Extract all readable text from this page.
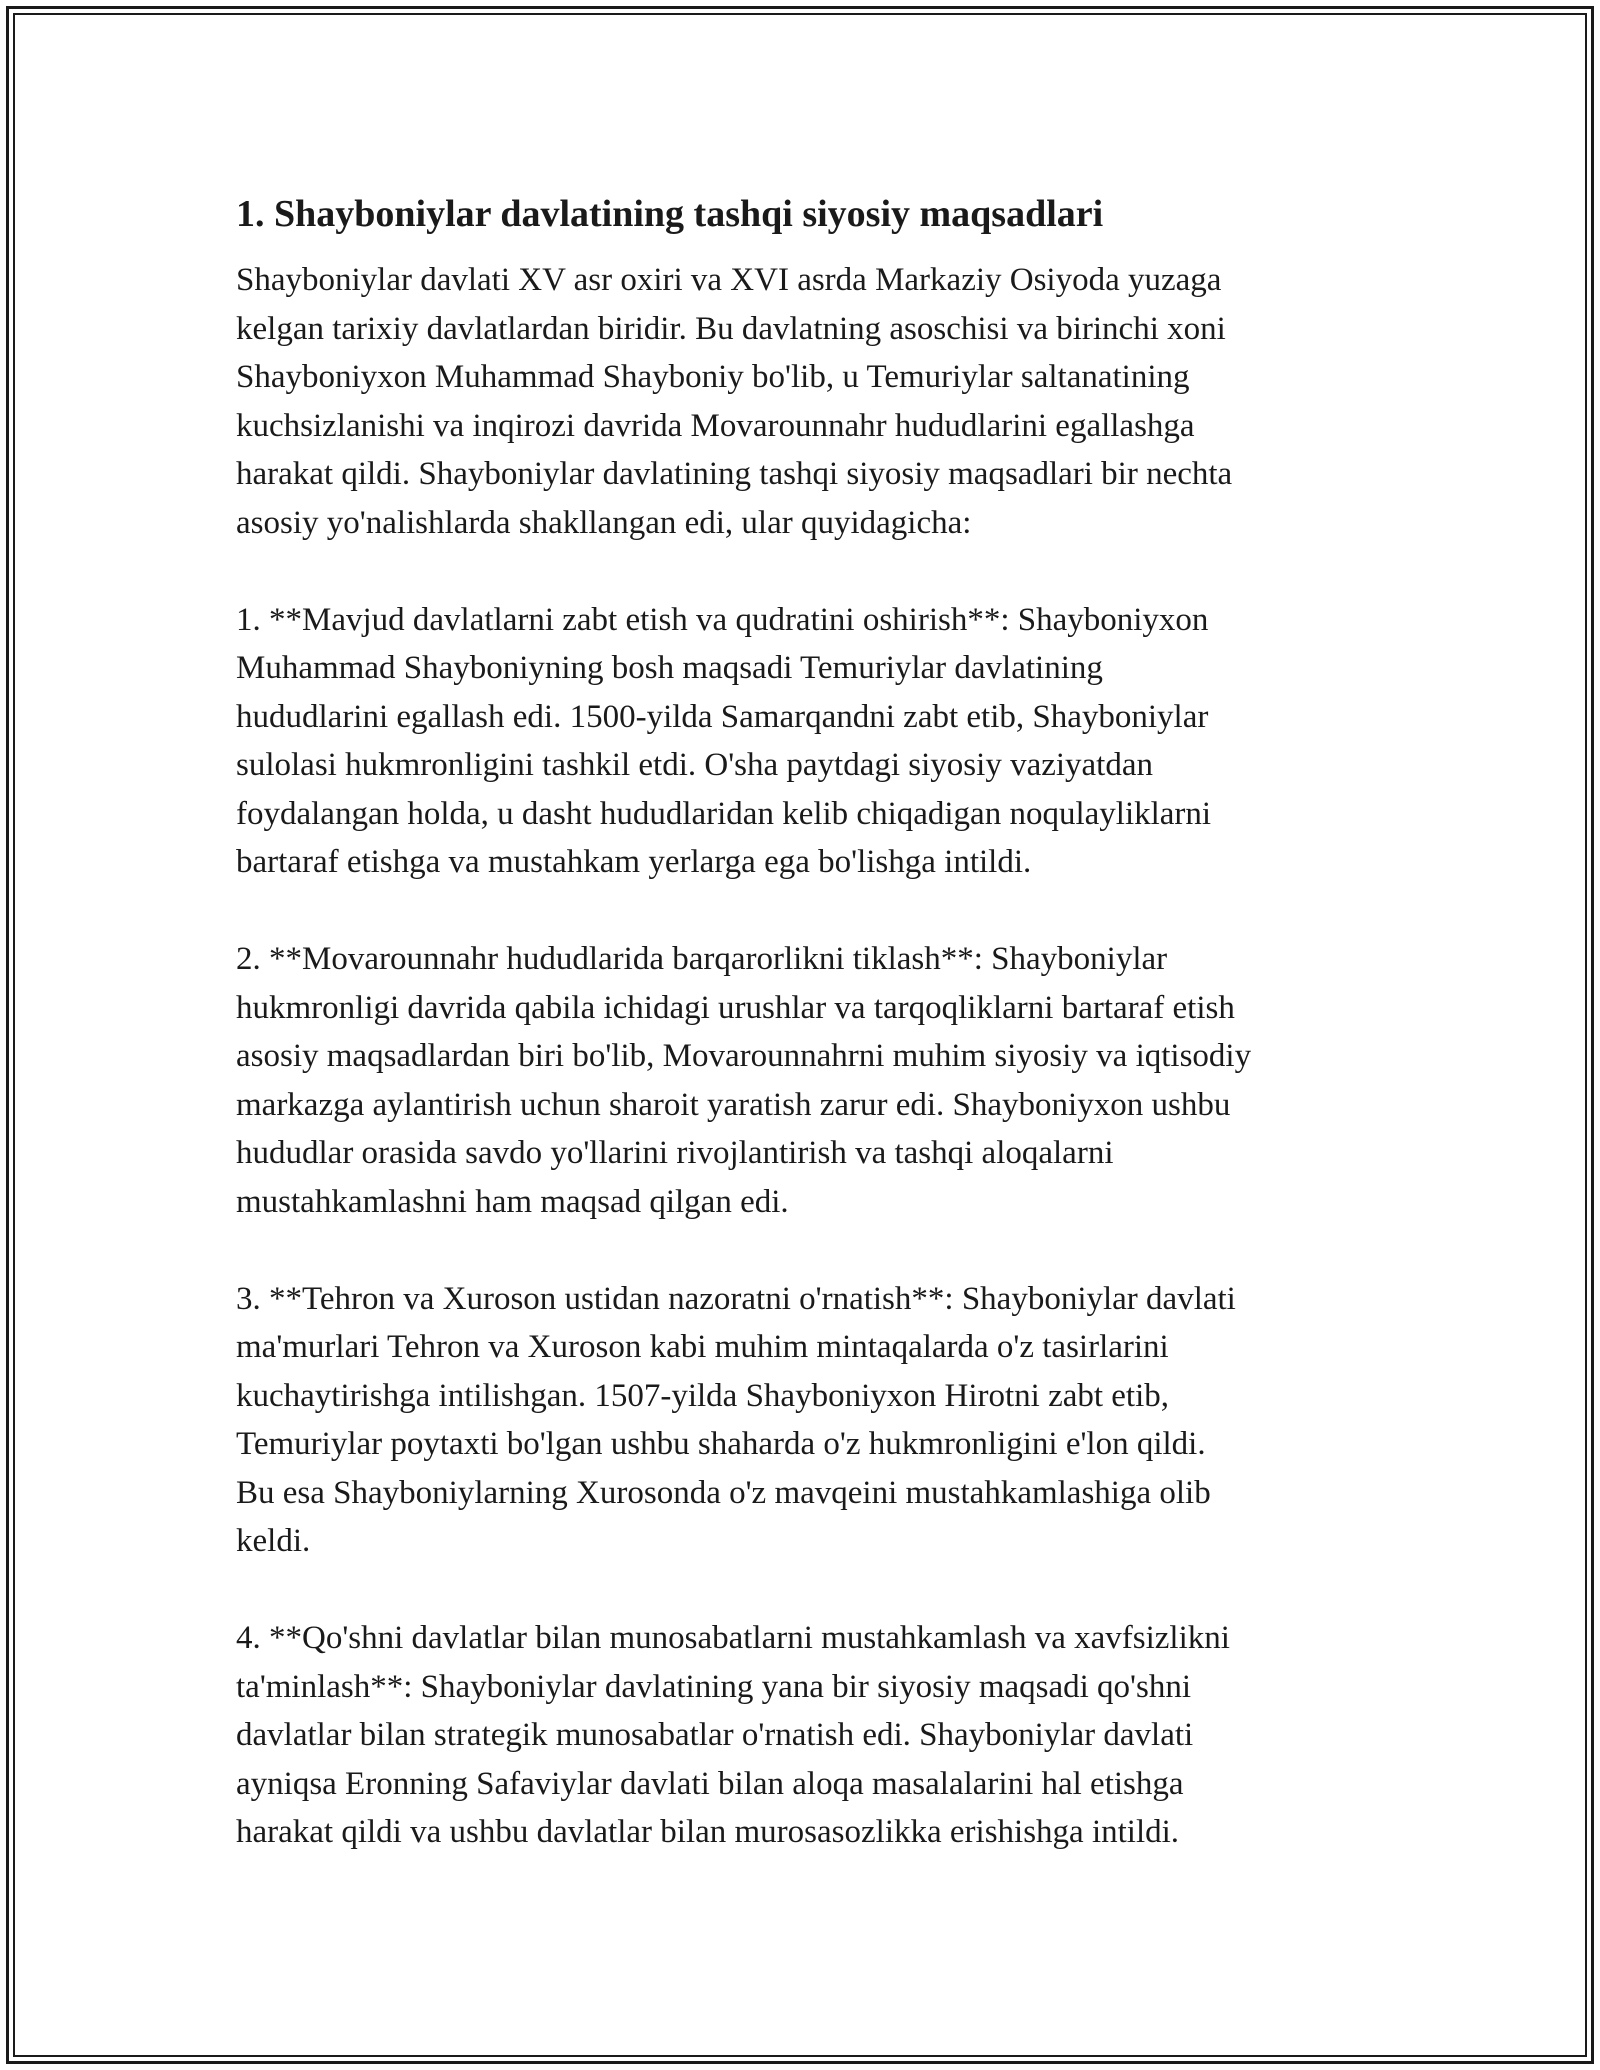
1. Shayboniylar davlatining tashqi siyosiy maqsadlari
Shayboniylar davlati XV asr oxiri va XVI asrda Markaziy Osiyoda yuzaga
kelgan tarixiy davlatlardan biridir. Bu davlatning asoschisi va birinchi xoni
Shayboniyxon Muhammad Shayboniy bo'lib, u Temuriylar saltanatining
kuchsizlanishi va inqirozi davrida Movarounnahr hududlarini egallashga
harakat qildi. Shayboniylar davlatining tashqi siyosiy maqsadlari bir nechta
asosiy yo'nalishlarda shakllangan edi, ular quyidagicha:
1. **Mavjud davlatlarni zabt etish va qudratini oshirish**: Shayboniyxon
Muhammad Shayboniyning bosh maqsadi Temuriylar davlatining
hududlarini egallash edi. 1500-yilda Samarqandni zabt etib, Shayboniylar
sulolasi hukmronligini tashkil etdi. O'sha paytdagi siyosiy vaziyatdan
foydalangan holda, u dasht hududlaridan kelib chiqadigan noqulayliklarni
bartaraf etishga va mustahkam yerlarga ega bo'lishga intildi.
2. **Movarounnahr hududlarida barqarorlikni tiklash**: Shayboniylar
hukmronligi davrida qabila ichidagi urushlar va tarqoqliklarni bartaraf etish
asosiy maqsadlardan biri bo'lib, Movarounnahrni muhim siyosiy va iqtisodiy
markazga aylantirish uchun sharoit yaratish zarur edi. Shayboniyxon ushbu
hududlar orasida savdo yo'llarini rivojlantirish va tashqi aloqalarni
mustahkamlashni ham maqsad qilgan edi.
3. **Tehron va Xuroson ustidan nazoratni o'rnatish**: Shayboniylar davlati
ma'murlari Tehron va Xuroson kabi muhim mintaqalarda o'z tasirlarini
kuchaytirishga intilishgan. 1507-yilda Shayboniyxon Hirotni zabt etib,
Temuriylar poytaxti bo'lgan ushbu shaharda o'z hukmronligini e'lon qildi.
Bu esa Shayboniylarning Xurosonda o'z mavqeini mustahkamlashiga olib
keldi.
4. **Qo'shni davlatlar bilan munosabatlarni mustahkamlash va xavfsizlikni
ta'minlash**: Shayboniylar davlatining yana bir siyosiy maqsadi qo'shni
davlatlar bilan strategik munosabatlar o'rnatish edi. Shayboniylar davlati
ayniqsa Eronning Safaviylar davlati bilan aloqa masalalarini hal etishga
harakat qildi va ushbu davlatlar bilan murosasozlikka erishishga intildi.
